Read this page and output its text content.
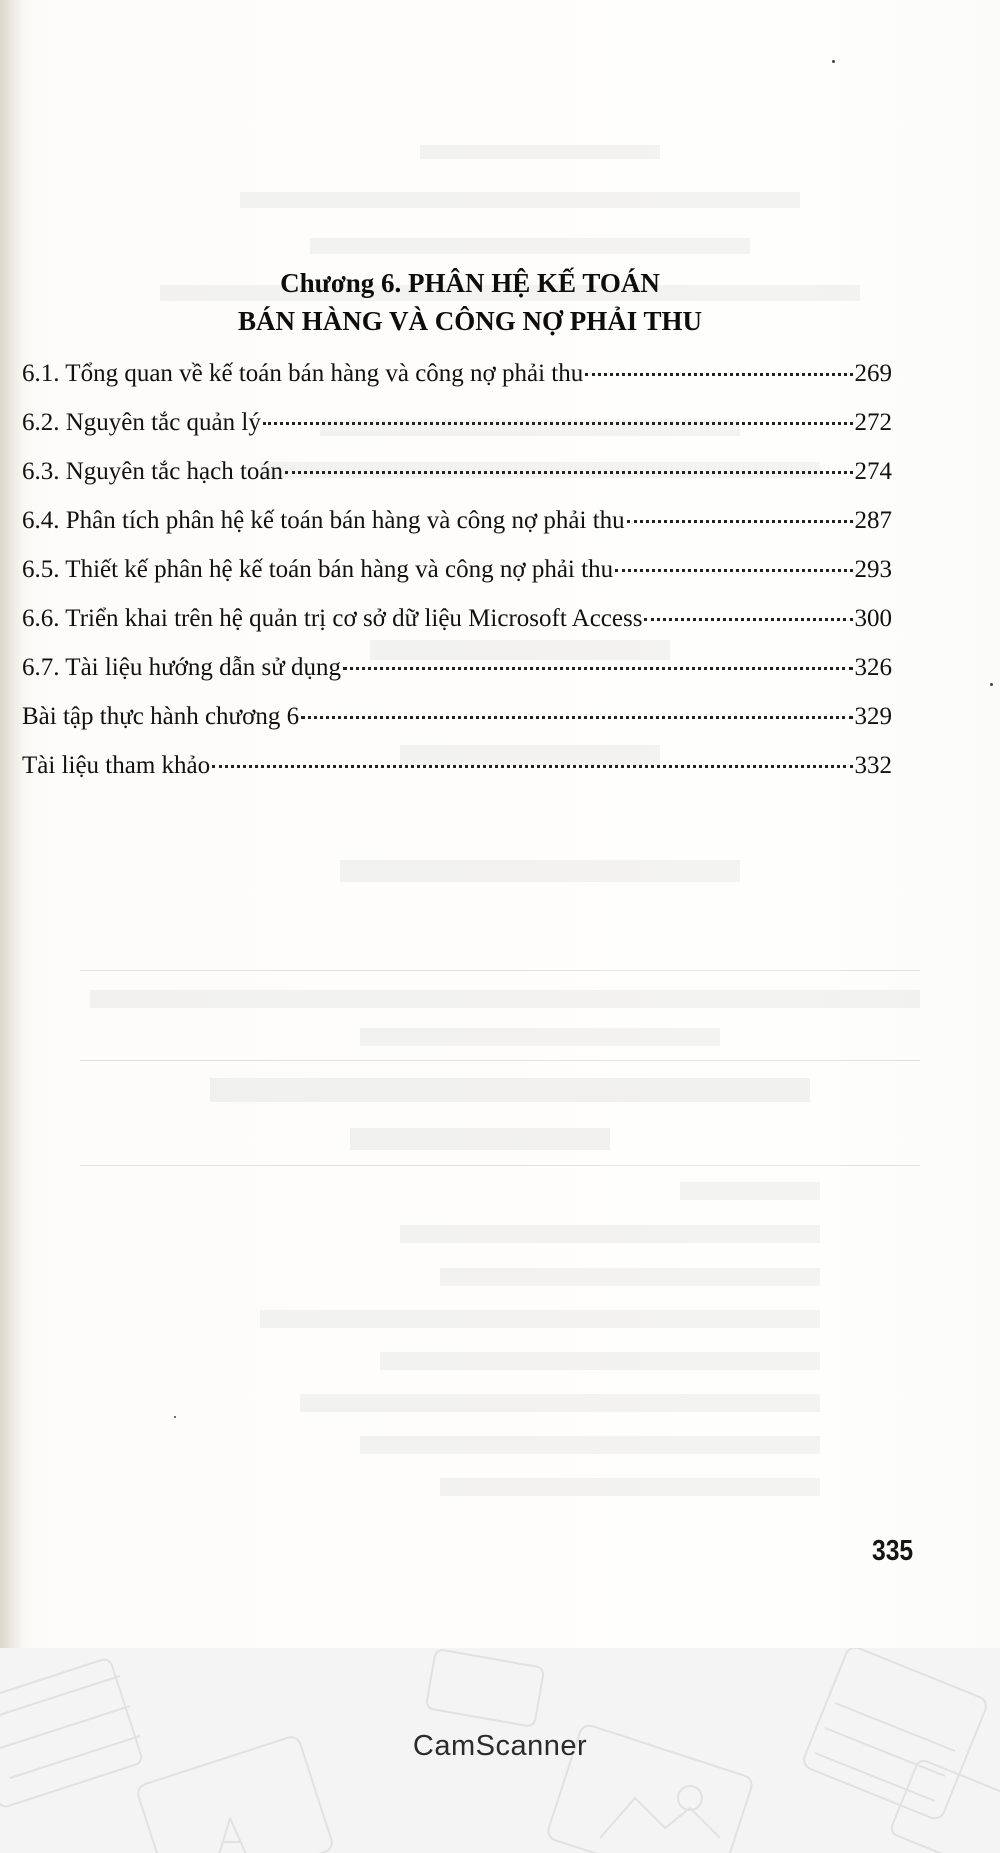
Chương 6. PHÂN HỆ KẾ TOÁN
BÁN HÀNG VÀ CÔNG NỢ PHẢI THU
6.1. Tổng quan về kế toán bán hàng và công nợ phải thu	269
6.2. Nguyên tắc quản lý	272
6.3. Nguyên tắc hạch toán	274
6.4. Phân tích phân hệ kế toán bán hàng và công nợ phải thu	287
6.5. Thiết kế phân hệ kế toán bán hàng và công nợ phải thu	293
6.6. Triển khai trên hệ quản trị cơ sở dữ liệu Microsoft Access	300
6.7. Tài liệu hướng dẫn sử dụng	326
Bài tập thực hành chương 6	329
Tài liệu tham khảo	332
335
CamScanner
